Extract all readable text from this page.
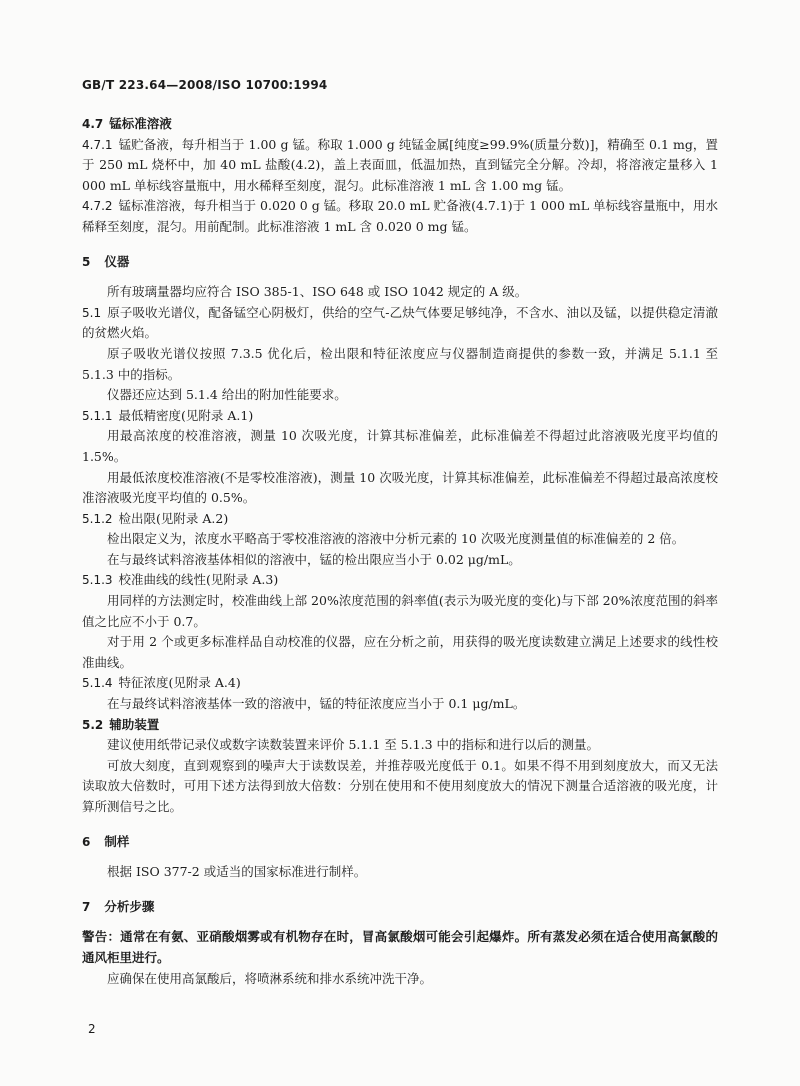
GB/T 223.64—2008/ISO 10700:1994

4.7 锰标准溶液

4.7.1 锰贮备液，每升相当于 1.00 g 锰。称取 1.000 g 纯锰金属[纯度≥99.9%(质量分数)]，精确至 0.1 mg，置于 250 mL 烧杯中，加 40 mL 盐酸(4.2)，盖上表面皿，低温加热，直到锰完全分解。冷却，将溶液定量移入 1 000 mL 单标线容量瓶中，用水稀释至刻度，混匀。此标准溶液 1 mL 含 1.00 mg 锰。

4.7.2 锰标准溶液，每升相当于 0.020 0 g 锰。移取 20.0 mL 贮备液(4.7.1)于 1 000 mL 单标线容量瓶中，用水稀释至刻度，混匀。用前配制。此标准溶液 1 mL 含 0.020 0 mg 锰。

5 仪器

所有玻璃量器均应符合 ISO 385-1、ISO 648 或 ISO 1042 规定的 A 级。

5.1 原子吸收光谱仪，配备锰空心阴极灯，供给的空气-乙炔气体要足够纯净，不含水、油以及锰，以提供稳定清澈的贫燃火焰。

原子吸收光谱仪按照 7.3.5 优化后，检出限和特征浓度应与仪器制造商提供的参数一致，并满足 5.1.1 至 5.1.3 中的指标。

仪器还应达到 5.1.4 给出的附加性能要求。

5.1.1 最低精密度(见附录 A.1)

用最高浓度的校准溶液，测量 10 次吸光度，计算其标准偏差，此标准偏差不得超过此溶液吸光度平均值的 1.5%。

用最低浓度校准溶液(不是零校准溶液)，测量 10 次吸光度，计算其标准偏差，此标准偏差不得超过最高浓度校准溶液吸光度平均值的 0.5%。

5.1.2 检出限(见附录 A.2)

检出限定义为，浓度水平略高于零校准溶液的溶液中分析元素的 10 次吸光度测量值的标准偏差的 2 倍。

在与最终试料溶液基体相似的溶液中，锰的检出限应当小于 0.02 μg/mL。

5.1.3 校准曲线的线性(见附录 A.3)

用同样的方法测定时，校准曲线上部 20%浓度范围的斜率值(表示为吸光度的变化)与下部 20%浓度范围的斜率值之比应不小于 0.7。

对于用 2 个或更多标准样品自动校准的仪器，应在分析之前，用获得的吸光度读数建立满足上述要求的线性校准曲线。

5.1.4 特征浓度(见附录 A.4)

在与最终试料溶液基体一致的溶液中，锰的特征浓度应当小于 0.1 μg/mL。

5.2 辅助装置

建议使用纸带记录仪或数字读数装置来评价 5.1.1 至 5.1.3 中的指标和进行以后的测量。

可放大刻度，直到观察到的噪声大于读数误差，并推荐吸光度低于 0.1。如果不得不用到刻度放大，而又无法读取放大倍数时，可用下述方法得到放大倍数：分别在使用和不使用刻度放大的情况下测量合适溶液的吸光度，计算所测信号之比。

6 制样

根据 ISO 377-2 或适当的国家标准进行制样。

7 分析步骤

警告：通常在有氨、亚硝酸烟雾或有机物存在时，冒高氯酸烟可能会引起爆炸。所有蒸发必须在适合使用高氯酸的通风柜里进行。

应确保在使用高氯酸后，将喷淋系统和排水系统冲洗干净。

2
